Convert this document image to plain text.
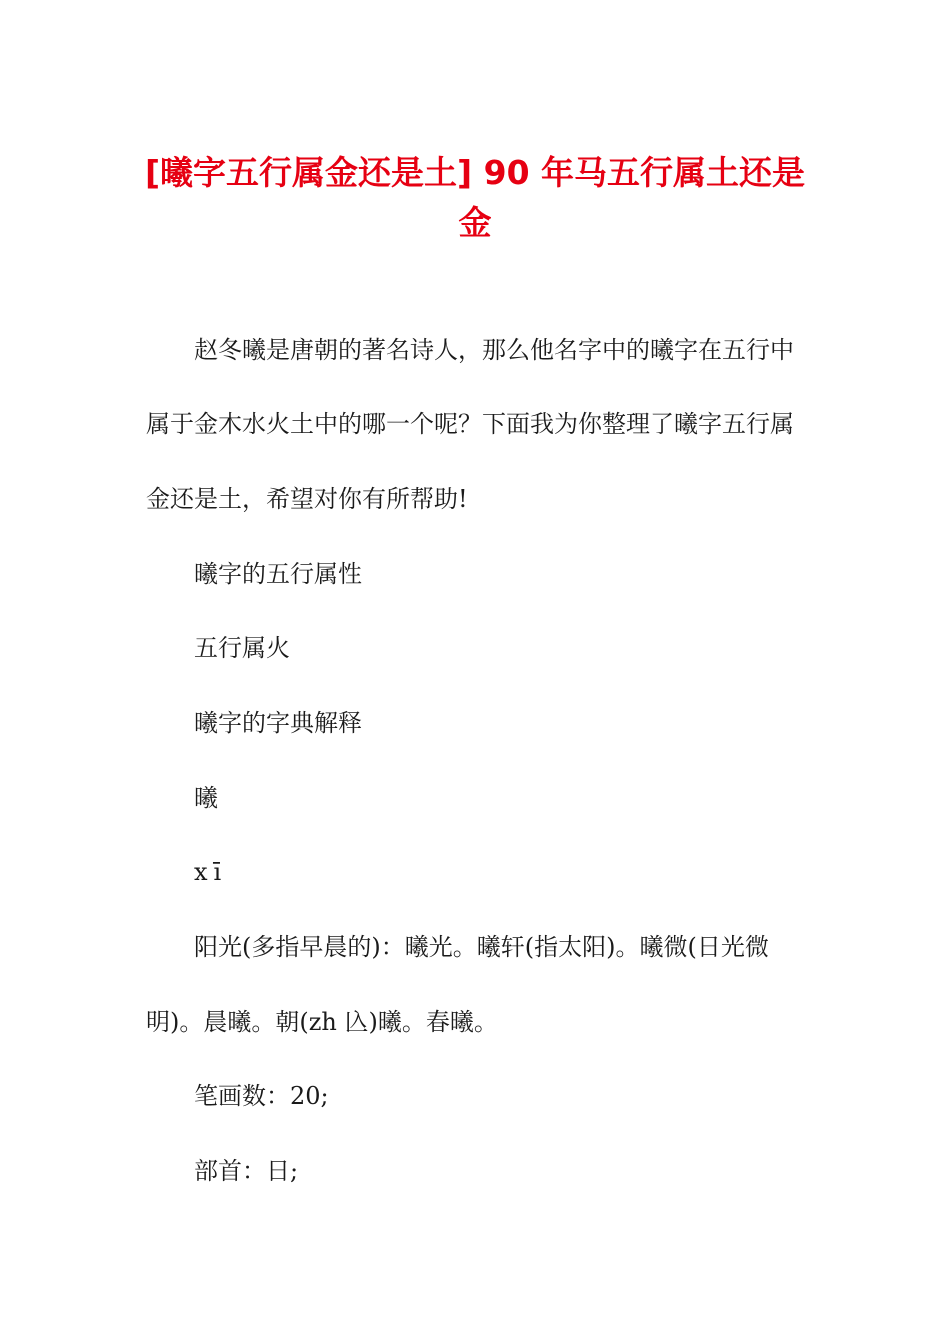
[曦字五行属金还是土] 90 年马五行属土还是
金

赵冬曦是唐朝的著名诗人，那么他名字中的曦字在五行中

属于金木水火土中的哪一个呢？下面我为你整理了曦字五行属

金还是土，希望对你有所帮助!

曦字的五行属性

五行属火

曦字的字典解释

曦

xī

阳光(多指早晨的)：曦光。曦轩(指太阳)。曦微(日光微

明)。晨曦。朝(zh 兦)曦。春曦。

笔画数：20;

部首：日;
